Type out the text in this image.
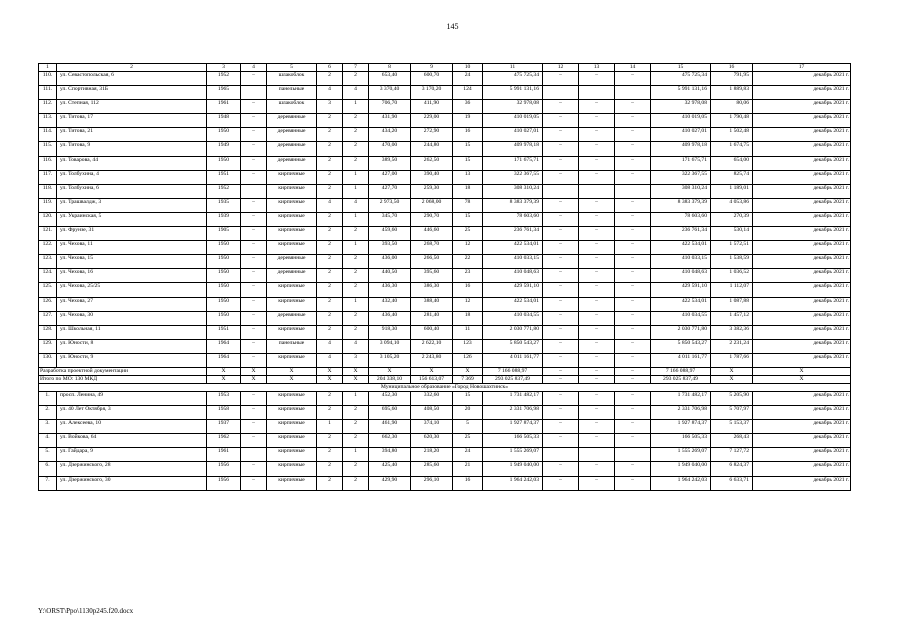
145
1	2	3	4	5	6	7	8	9	10	11	12	13	14	15	16	17
110.	ул. Севастопольская, 6	1952	–	шлакоблок	2	2	653,40	600,70	24	475 725,34	–	–	–	475 725,34	791,95	декабрь 2021 г.
111.	ул. Спортивная, 31Б	1965		панельные	4	4	3 370,40	3 170,20	124	5 991 131,16				5 991 131,16	1 889,83	декабрь 2021 г.
112.	ул. Степная, 112	1961	–	шлакоблок	3	1	706,70	411,90	36	32 978,08	–	–	–	32 978,08	80,06	декабрь 2021 г.
113.	ул. Титова, 17	1948	–	деревянные	2	2	431,90	229,00	19	410 019,05	–	–	–	410 019,05	1 790,48	декабрь 2021 г.
114.	ул. Титова, 21	1950	–	деревянные	2	2	434,20	272,90	16	410 027,01	–	–	–	410 027,01	1 502,48	декабрь 2021 г.
115.	ул. Титова, 9	1949	–	деревянные	2	2	470,00	244,80	15	409 978,18	–	–	–	409 978,18	1 674,75	декабрь 2021 г.
116.	ул. Товарова, 44	1950	–	деревянные	2	2	389,50	262,50	15	171 675,71	–	–	–	171 675,71	654,00	декабрь 2021 г.
117.	ул. Толбухина, 4	1951	–	кирпичные	2	1	427,00	390,40	13	322 367,55	–	–	–	322 367,55	825,74	декабрь 2021 г.
118.	ул. Толбухина, 6	1952		кирпичные	2	1	427,70	259,30	18	308 310,24				308 310,24	1 189,01	декабрь 2021 г.
119.	ул. Трашвалдж, 3	1935	–	кирпичные	4	4	2 973,50	2 068,00	78	8 383 379,39	–	–	–	8 383 379,39	4 053,86	декабрь 2021 г.
120.	ул. Украинская, 5	1939	–	кирпичные	2	1	345,70	290,70	15	78 603,60	–	–	–	78 603,60	270,39	декабрь 2021 г.
121.	ул. Фрунзе, 31	1905	–	кирпичные	2	2	459,60	446,60	25	236 761,34	–	–	–	236 761,34	530,14	декабрь 2021 г.
122.	ул. Чехова, 11	1950	–	кирпичные	2	1	393,50	268,70	12	422 534,01	–	–	–	422 534,01	1 572,51	декабрь 2021 г.
123.	ул. Чехова, 15	1950	–	деревянные	2	2	436,00	266,50	22	410 033,15	–	–	–	410 033,15	1 538,59	декабрь 2021 г.
124.	ул. Чехова, 16	1950	–	деревянные	2	2	440,50	395,60	23	410 048,63	–	–	–	410 048,63	1 036,52	декабрь 2021 г.
125.	ул. Чехова, 25/25	1950	–	кирпичные	2	2	436,30	386,30	16	429 591,10	–	–	–	429 591,10	1 112,07	декабрь 2021 г.
126.	ул. Чехова, 27	1950	–	кирпичные	2	1	432,40	388,40	12	422 534,01	–	–	–	422 534,01	1 087,88	декабрь 2021 г.
127.	ул. Чехова, 30	1950	–	деревянные	2	2	436,40	281,40	18	410 034,55	–	–	–	410 034,55	1 457,12	декабрь 2021 г.
128.	ул. Школьная, 11	1951	–	кирпичные	2	2	918,30	600,40	11	2 030 771,80	–	–	–	2 030 771,80	3 382,36	декабрь 2021 г.
129.	ул. Юности, 8	1964	–	панельные	4	4	3 094,10	2 622,10	123	5 850 543,27	–	–	–	5 850 543,27	2 231,24	декабрь 2021 г.
130.	ул. Юности, 9	1964	–	кирпичные	4	3	3 105,20	2 243,80	126	4 011 161,77	–	–	–	4 011 161,77	1 787,66	декабрь 2021 г.
Разработка проектной документации		Х	Х	Х	Х	Х	Х	Х	Х	7 166 088,97	–	–	–	7 166 088,97	Х	Х
Итого по МО: 130 МКД		Х	Х	Х	Х	Х	204 338,10	156 613,07	7 369	293 025 837,49	–	–	–	293 025 837,49	Х	Х
Муниципальное образование «Город Новошахтинск»																
1.	просп. Ленина, 49	1953	–	кирпичные	2	1	452,30	332,60	15	1 731 482,17	–	–	–	1 731 482,17	5 205,90	декабрь 2021 г.
2.	ул. 40 Лет Октября, 3	1958	–	кирпичные	2	2	695,60	408,50	20	2 331 706,98	–	–	–	2 331 706,98	5 707,97	декабрь 2021 г.
3.	ул. Алексеева, 10	1937	–	кирпичные	1	2	461,90	374,10	5	1 927 874,37	–	–	–	1 927 874,37	5 153,37	декабрь 2021 г.
4.	ул. Войкова, 64	1962	–	кирпичные	2	2	662,30	620,30	25	166 505,33	–	–	–	166 505,33	268,43	декабрь 2021 г.
5.	ул. Гайдара, 9	1961		кирпичные	2	1	394,80	218,20	24	1 555 269,07				1 555 269,07	7 127,72	декабрь 2021 г.
6.	ул. Дзержинского, 28	1956	–	кирпичные	2	2	425,40	285,60	21	1 949 040,00	–	–	–	1 949 040,00	6 824,37	декабрь 2021 г.
7.	ул. Дзержинского, 30	1956	–	кирпичные	2	2	429,90	296,10	16	1 964 242,03	–	–	–	1 964 242,03	6 633,71	декабрь 2021 г.
Y:\ORST\Ppo\1130p245.f20.docx
